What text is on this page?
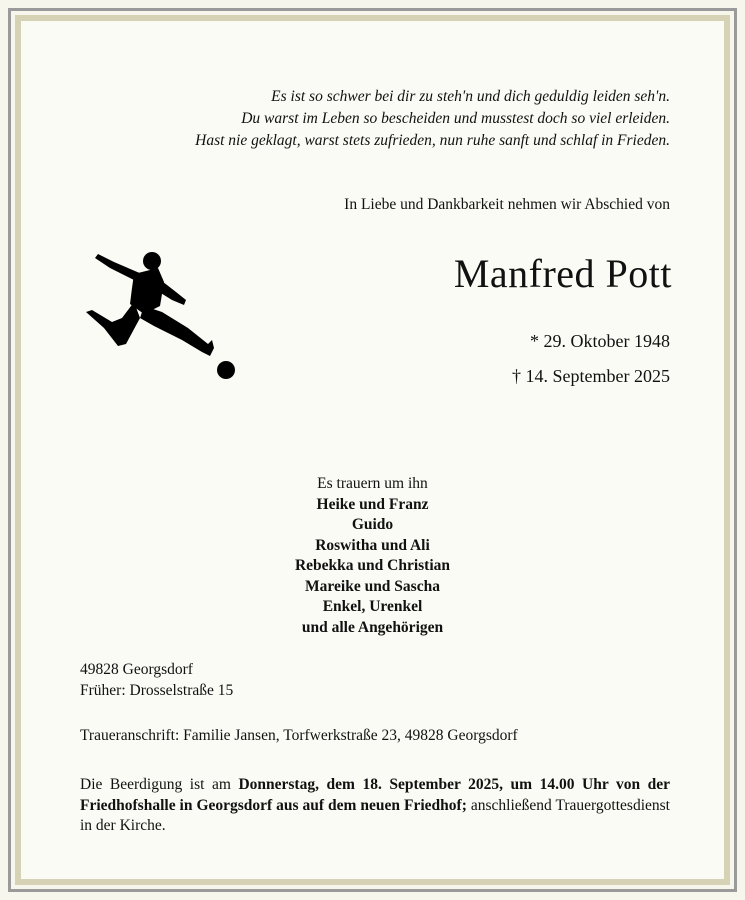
Es ist so schwer bei dir zu steh'n und dich geduldig leiden seh'n.
Du warst im Leben so bescheiden und musstest doch so viel erleiden.
Hast nie geklagt, warst stets zufrieden, nun ruhe sanft und schlaf in Frieden.
In Liebe und Dankbarkeit nehmen wir Abschied von
Manfred Pott
* 29. Oktober 1948
† 14. September 2025
Es trauern um ihn
Heike und Franz
Guido
Roswitha und Ali
Rebekka und Christian
Mareike und Sascha
Enkel, Urenkel
und alle Angehörigen
49828 Georgsdorf
Früher: Drosselstraße 15
Traueranschrift: Familie Jansen, Torfwerkstraße 23, 49828 Georgsdorf
Die Beerdigung ist am Donnerstag, dem 18. September 2025, um 14.00 Uhr von der Friedhofshalle in Georgsdorf aus auf dem neuen Friedhof; anschließend Trauergottesdienst in der Kirche.
